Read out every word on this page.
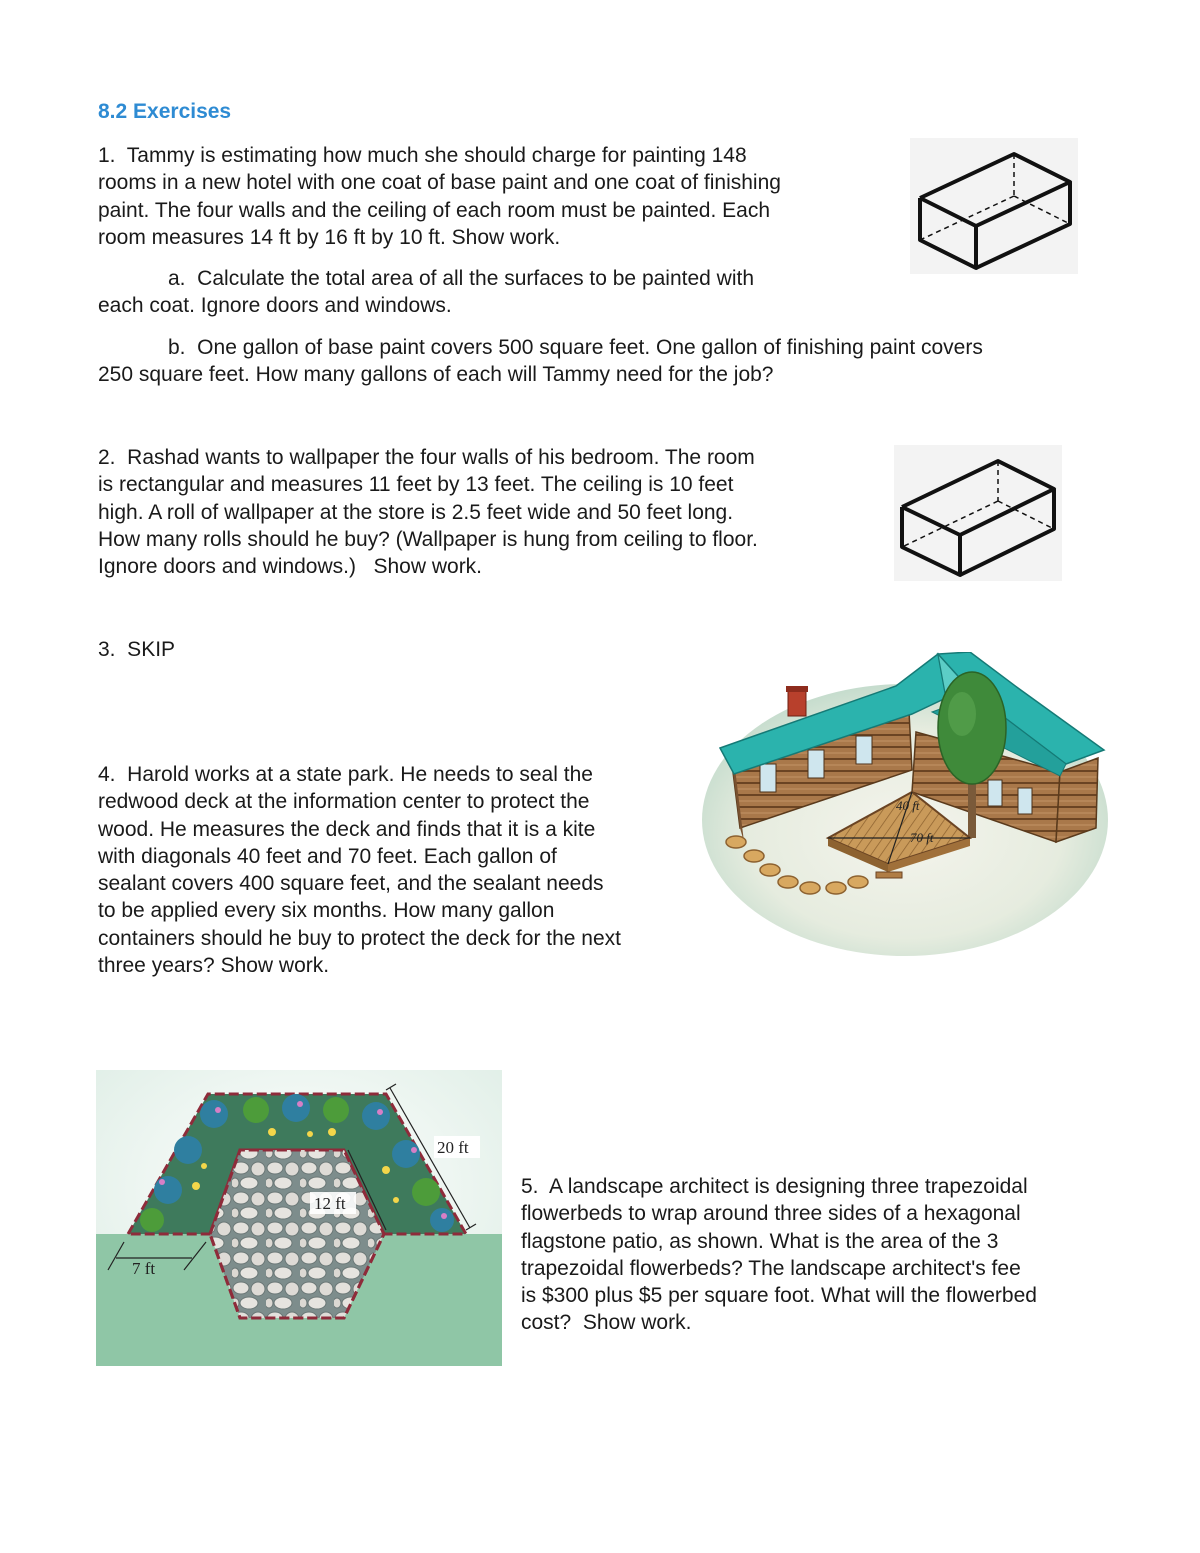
8.2 Exercises

1.  Tammy is estimating how much she should charge for painting 148
rooms in a new hotel with one coat of base paint and one coat of finishing
paint. The four walls and the ceiling of each room must be painted. Each
room measures 14 ft by 16 ft by 10 ft. Show work.

a.  Calculate the total area of all the surfaces to be painted with
each coat. Ignore doors and windows.

b.  One gallon of base paint covers 500 square feet. One gallon of finishing paint covers
250 square feet. How many gallons of each will Tammy need for the job?

2.  Rashad wants to wallpaper the four walls of his bedroom. The room
is rectangular and measures 11 feet by 13 feet. The ceiling is 10 feet
high. A roll of wallpaper at the store is 2.5 feet wide and 50 feet long.
How many rolls should he buy? (Wallpaper is hung from ceiling to floor.
Ignore doors and windows.)   Show work.

3.  SKIP

4.  Harold works at a state park. He needs to seal the
redwood deck at the information center to protect the
wood. He measures the deck and finds that it is a kite
with diagonals 40 feet and 70 feet. Each gallon of
sealant covers 400 square feet, and the sealant needs
to be applied every six months. How many gallon
containers should he buy to protect the deck for the next
three years? Show work.

40 ft
70 ft
20 ft
12 ft
7 ft

5.  A landscape architect is designing three trapezoidal
flowerbeds to wrap around three sides of a hexagonal
flagstone patio, as shown. What is the area of the 3
trapezoidal flowerbeds? The landscape architect's fee
is $300 plus $5 per square foot. What will the flowerbed
cost?  Show work.
